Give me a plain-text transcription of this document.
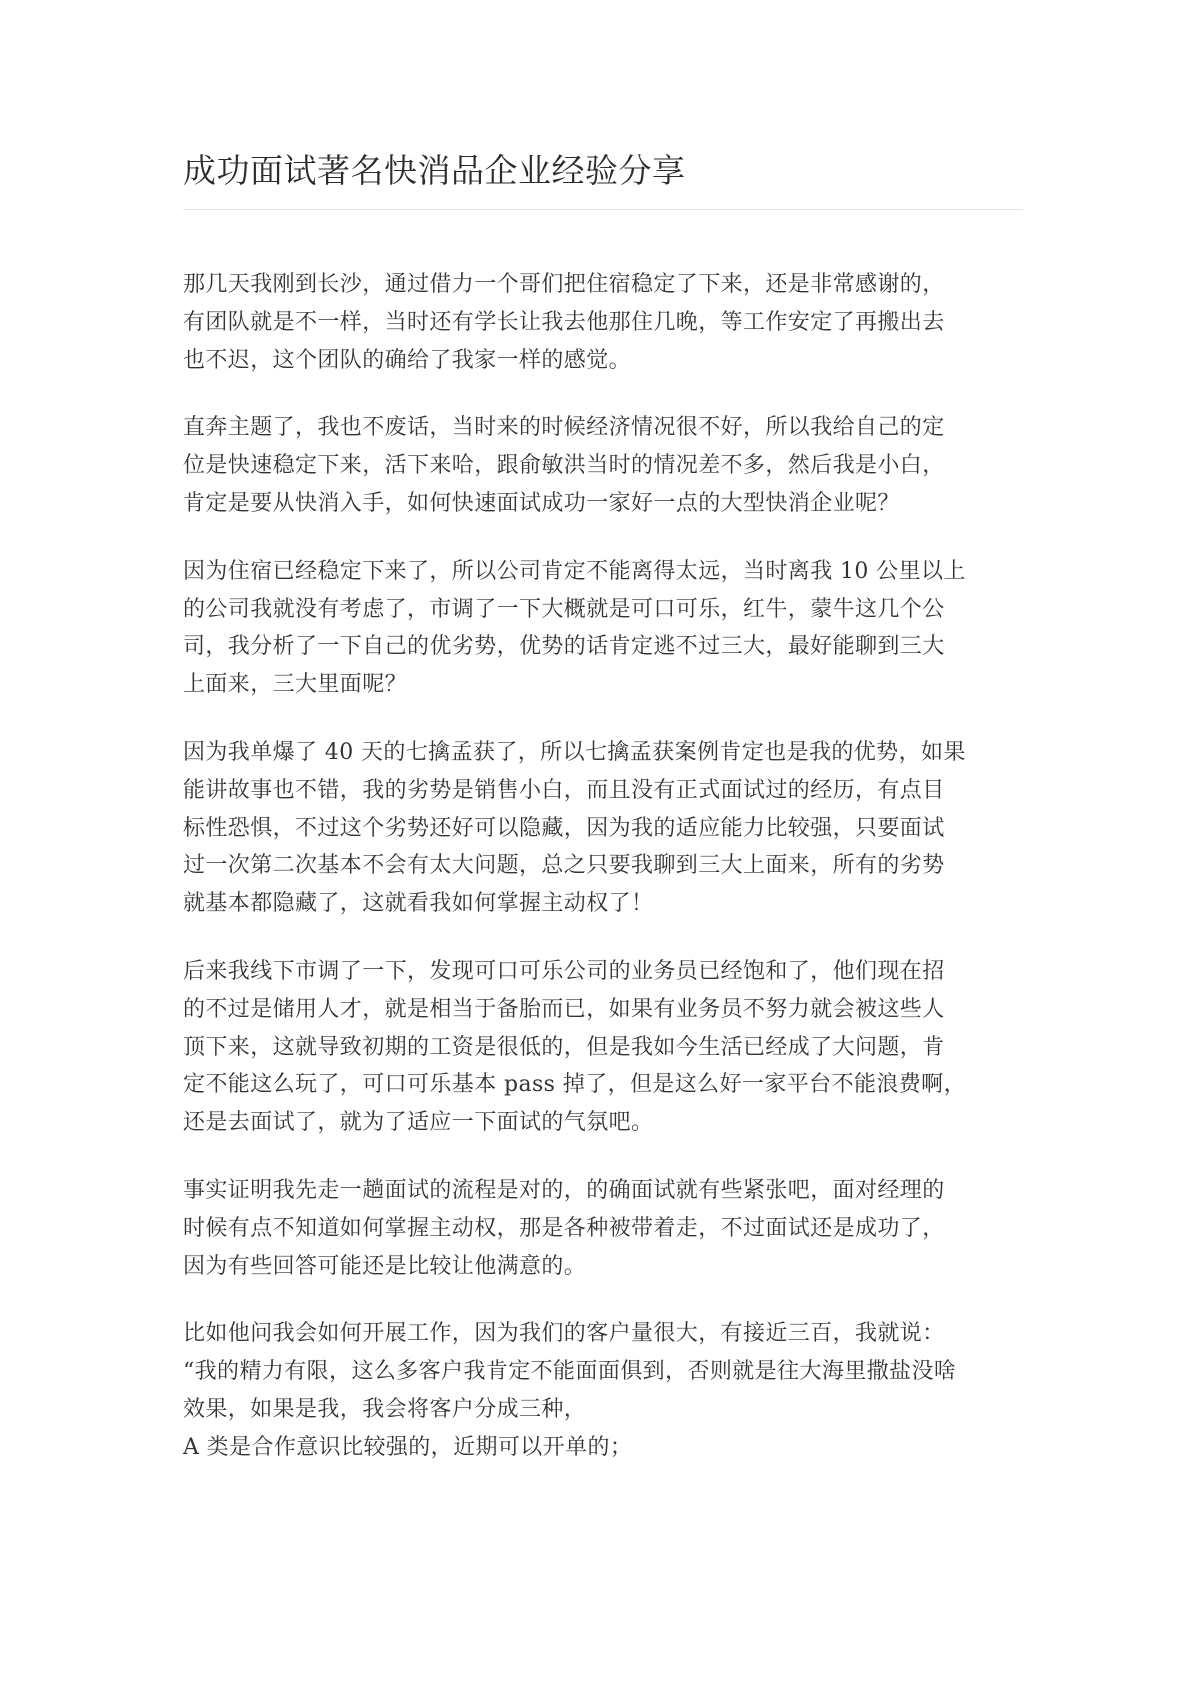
成功面试著名快消品企业经验分享

那几天我刚到长沙，通过借力一个哥们把住宿稳定了下来，还是非常感谢的，
有团队就是不一样，当时还有学长让我去他那住几晚，等工作安定了再搬出去
也不迟，这个团队的确给了我家一样的感觉。

直奔主题了，我也不废话，当时来的时候经济情况很不好，所以我给自己的定
位是快速稳定下来，活下来哈，跟俞敏洪当时的情况差不多，然后我是小白，
肯定是要从快消入手，如何快速面试成功一家好一点的大型快消企业呢？

因为住宿已经稳定下来了，所以公司肯定不能离得太远，当时离我 10 公里以上
的公司我就没有考虑了，市调了一下大概就是可口可乐，红牛，蒙牛这几个公
司，我分析了一下自己的优劣势，优势的话肯定逃不过三大，最好能聊到三大
上面来，三大里面呢？

因为我单爆了 40 天的七擒孟获了，所以七擒孟获案例肯定也是我的优势，如果
能讲故事也不错，我的劣势是销售小白，而且没有正式面试过的经历，有点目
标性恐惧，不过这个劣势还好可以隐藏，因为我的适应能力比较强，只要面试
过一次第二次基本不会有太大问题，总之只要我聊到三大上面来，所有的劣势
就基本都隐藏了，这就看我如何掌握主动权了！

后来我线下市调了一下，发现可口可乐公司的业务员已经饱和了，他们现在招
的不过是储用人才，就是相当于备胎而已，如果有业务员不努力就会被这些人
顶下来，这就导致初期的工资是很低的，但是我如今生活已经成了大问题，肯
定不能这么玩了，可口可乐基本 pass 掉了，但是这么好一家平台不能浪费啊，
还是去面试了，就为了适应一下面试的气氛吧。

事实证明我先走一趟面试的流程是对的，的确面试就有些紧张吧，面对经理的
时候有点不知道如何掌握主动权，那是各种被带着走，不过面试还是成功了，
因为有些回答可能还是比较让他满意的。

比如他问我会如何开展工作，因为我们的客户量很大，有接近三百，我就说：
“我的精力有限，这么多客户我肯定不能面面俱到，否则就是往大海里撒盐没啥
效果，如果是我，我会将客户分成三种，
A 类是合作意识比较强的，近期可以开单的；
